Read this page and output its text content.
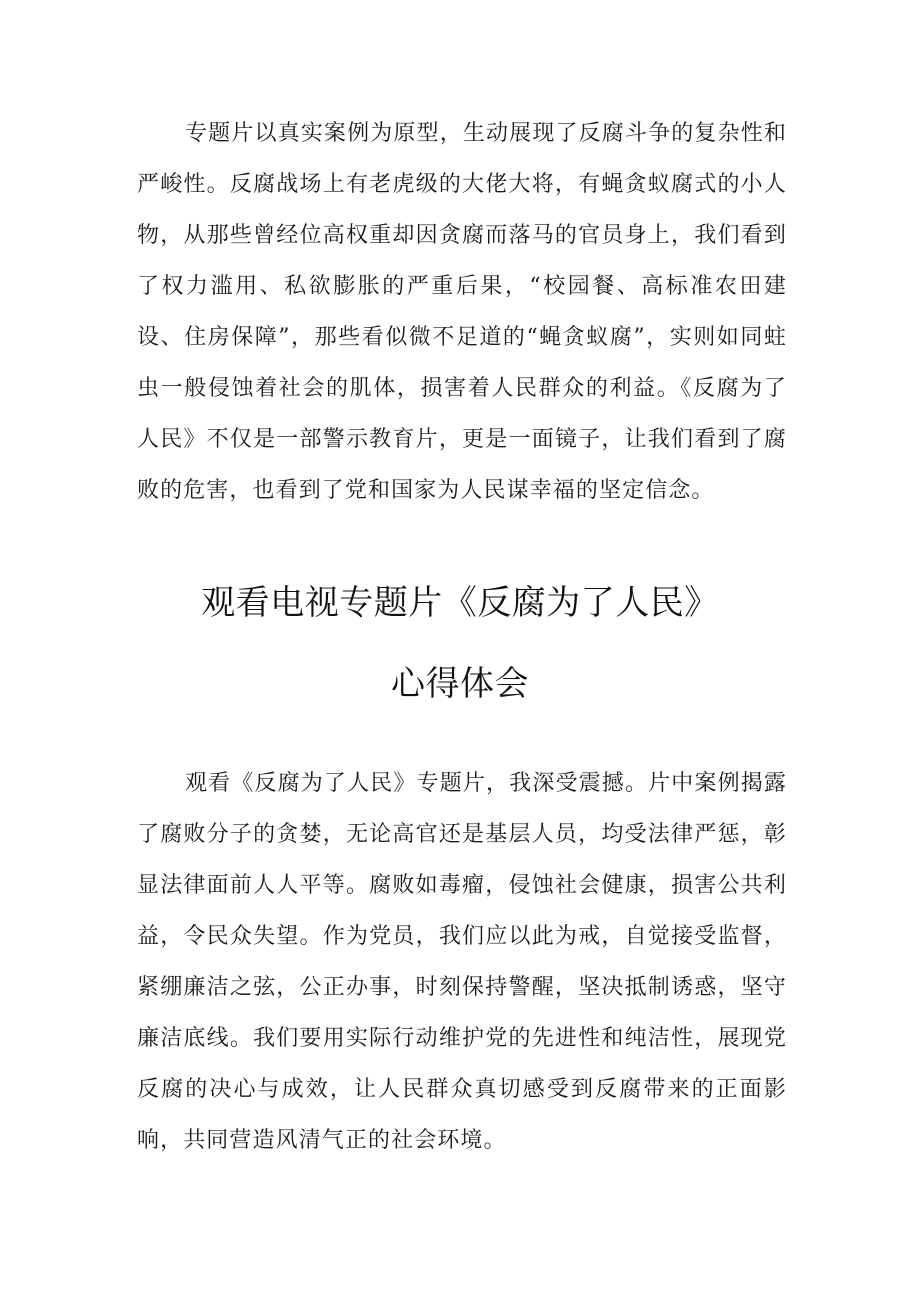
专题片以真实案例为原型，生动展现了反腐斗争的复杂性和严峻性。反腐战场上有老虎级的大佬大将，有蝇贪蚁腐式的小人物，从那些曾经位高权重却因贪腐而落马的官员身上，我们看到了权力滥用、私欲膨胀的严重后果，“校园餐、高标准农田建设、住房保障”，那些看似微不足道的“蝇贪蚁腐”，实则如同蛀虫一般侵蚀着社会的肌体，损害着人民群众的利益。《反腐为了人民》不仅是一部警示教育片，更是一面镜子，让我们看到了腐败的危害，也看到了党和国家为人民谋幸福的坚定信念。

观看电视专题片《反腐为了人民》
心得体会

观看《反腐为了人民》专题片，我深受震撼。片中案例揭露了腐败分子的贪婪，无论高官还是基层人员，均受法律严惩，彰显法律面前人人平等。腐败如毒瘤，侵蚀社会健康，损害公共利益，令民众失望。作为党员，我们应以此为戒，自觉接受监督，紧绷廉洁之弦，公正办事，时刻保持警醒，坚决抵制诱惑，坚守廉洁底线。我们要用实际行动维护党的先进性和纯洁性，展现党反腐的决心与成效，让人民群众真切感受到反腐带来的正面影响，共同营造风清气正的社会环境。
